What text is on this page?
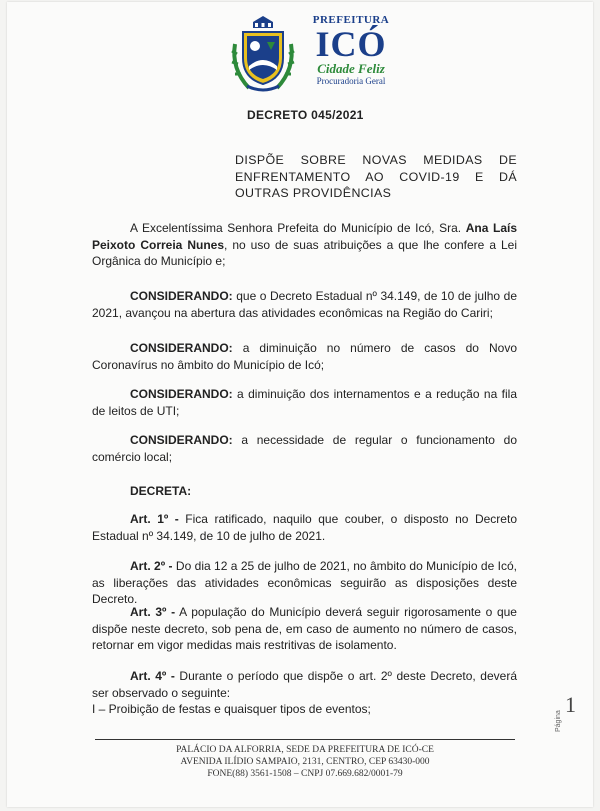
PREFEITURA
ICÓ
Cidade Feliz
Procuradoria Geral
DECRETO 045/2021
DISPÕE SOBRE NOVAS MEDIDAS DE ENFRENTAMENTO AO COVID-19 E DÁ OUTRAS PROVIDÊNCIAS

A Excelentíssima Senhora Prefeita do Município de Icó, Sra. Ana Laís Peixoto Correia Nunes, no uso de suas atribuições a que lhe confere a Lei Orgânica do Município e;

CONSIDERANDO: que o Decreto Estadual nº 34.149, de 10 de julho de 2021, avançou na abertura das atividades econômicas na Região do Cariri;

CONSIDERANDO: a diminuição no número de casos do Novo Coronavírus no âmbito do Município de Icó;

CONSIDERANDO: a diminuição dos internamentos e a redução na fila de leitos de UTI;

CONSIDERANDO: a necessidade de regular o funcionamento do comércio local;

DECRETA:

Art. 1º - Fica ratificado, naquilo que couber, o disposto no Decreto Estadual nº 34.149, de 10 de julho de 2021.

Art. 2º - Do dia 12 a 25 de julho de 2021, no âmbito do Município de Icó, as liberações das atividades econômicas seguirão as disposições deste Decreto.

Art. 3º - A população do Município deverá seguir rigorosamente o que dispõe neste decreto, sob pena de, em caso de aumento no número de casos, retornar em vigor medidas mais restritivas de isolamento.

Art. 4º - Durante o período que dispõe o art. 2º deste Decreto, deverá ser observado o seguinte:

I – Proibição de festas e quaisquer tipos de eventos;

Página
1
PALÁCIO DA ALFORRIA, SEDE DA PREFEITURA DE ICÓ-CE
AVENIDA ILÍDIO SAMPAIO, 2131, CENTRO, CEP 63430-000
FONE(88) 3561-1508 – CNPJ 07.669.682/0001-79
